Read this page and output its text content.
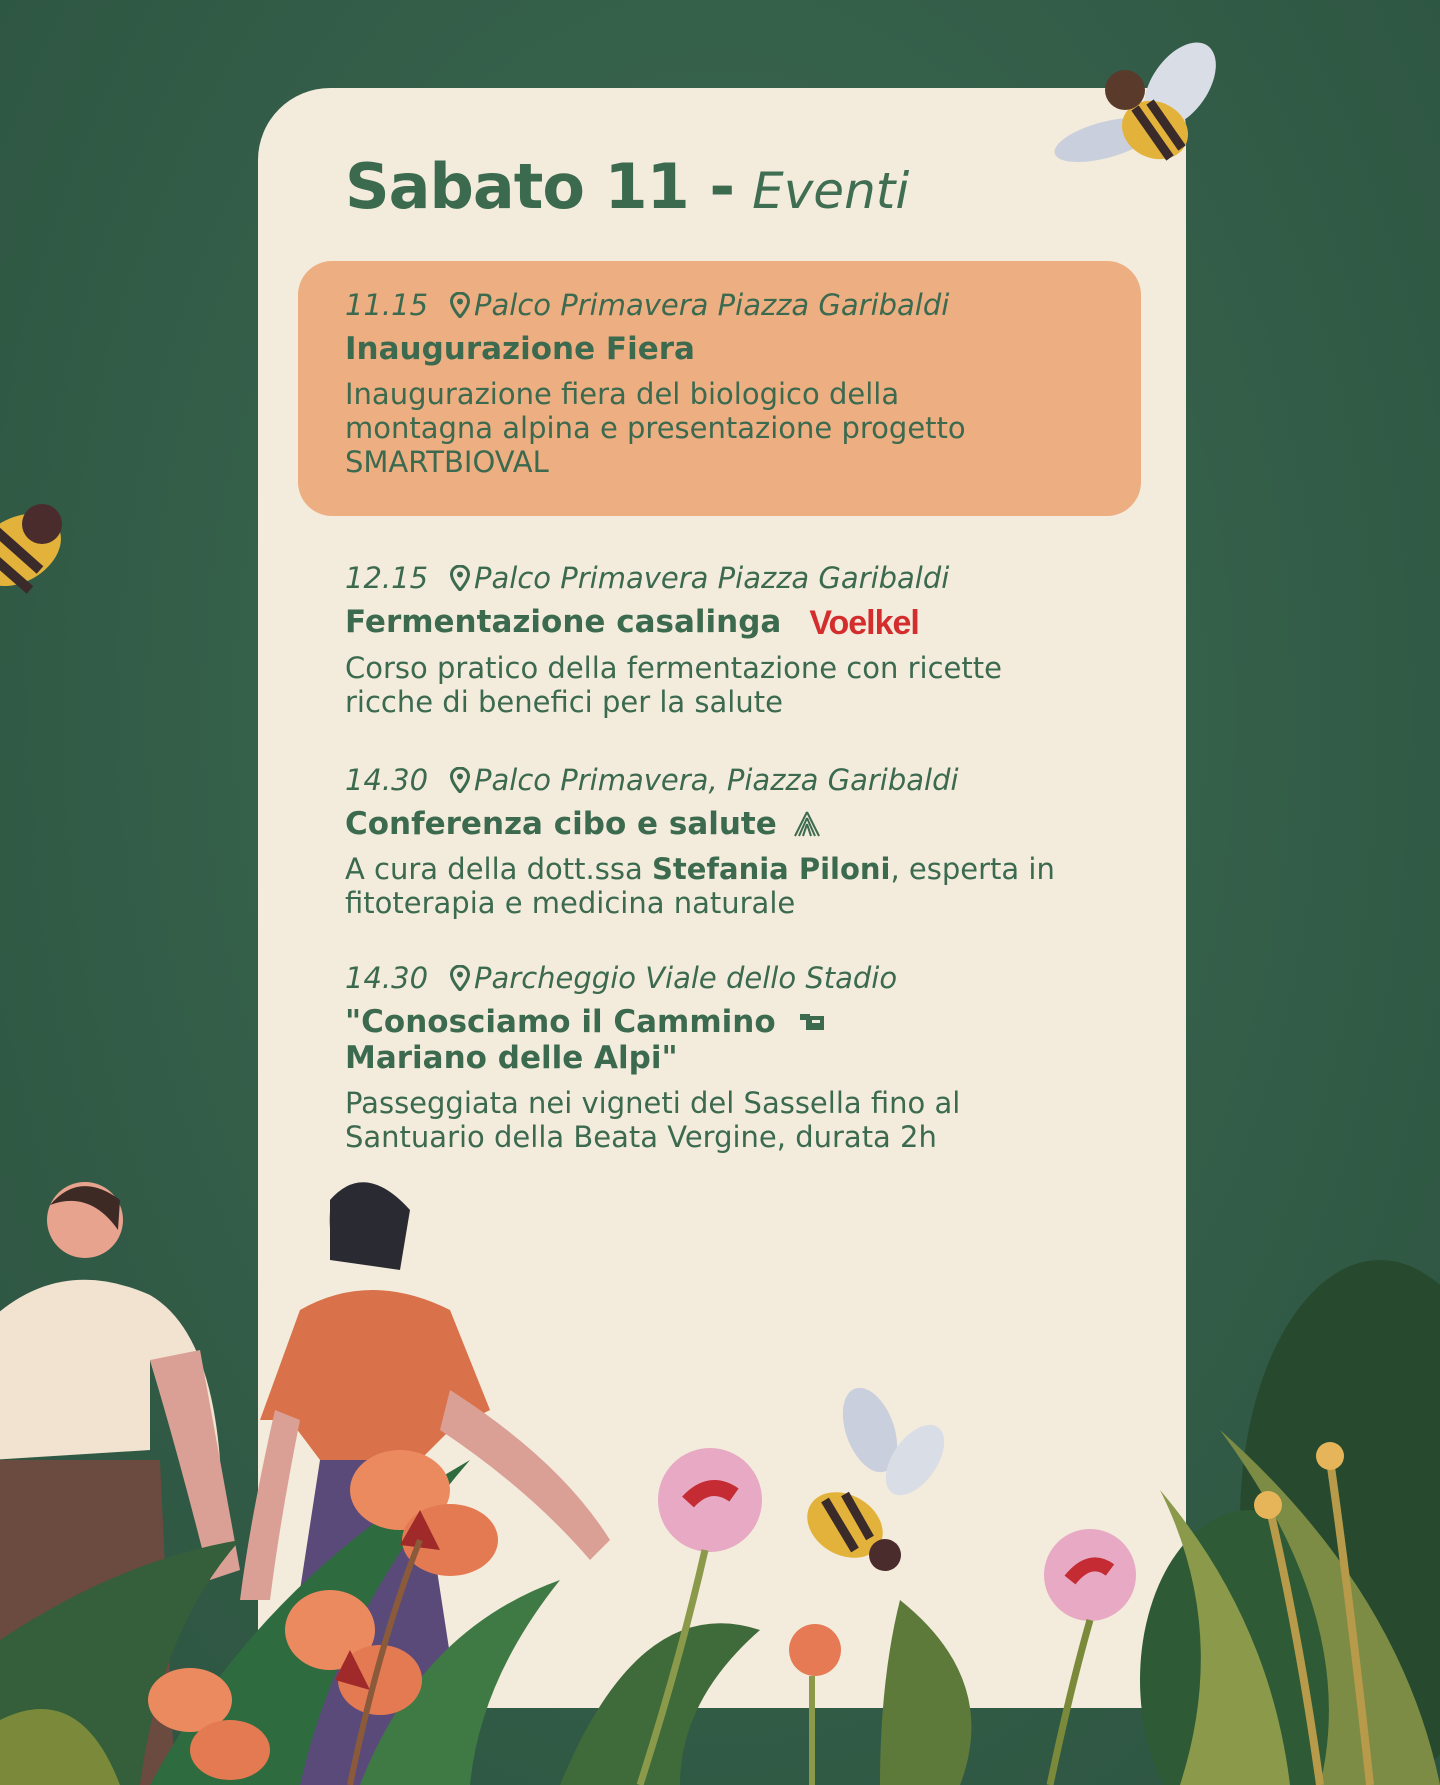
Sabato 11 - Eventi
11.15 Palco Primavera Piazza Garibaldi
Inaugurazione Fiera
Inaugurazione fiera del biologico della montagna alpina e presentazione progetto SMARTBIOVAL
12.15 Palco Primavera Piazza Garibaldi
Fermentazione casalinga Voelkel
Corso pratico della fermentazione con ricette ricche di benefici per la salute
14.30 Palco Primavera, Piazza Garibaldi
Conferenza cibo e salute
A cura della dott.ssa Stefania Piloni, esperta in fitoterapia e medicina naturale
14.30 Parcheggio Viale dello Stadio
"Conosciamo il Cammino
Mariano delle Alpi"
Passeggiata nei vigneti del Sassella fino al Santuario della Beata Vergine, durata 2h
